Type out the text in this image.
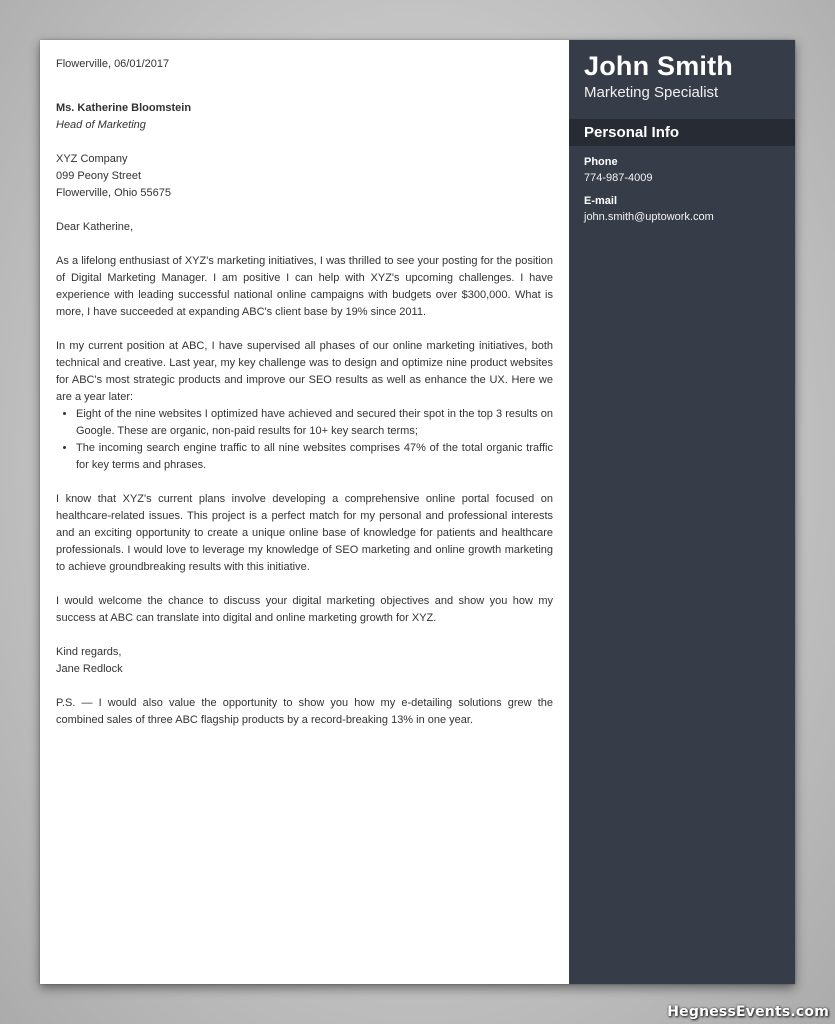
Flowerville, 06/01/2017

Ms. Katherine Bloomstein

Head of Marketing

XYZ Company
099 Peony Street
Flowerville, Ohio 55675

Dear Katherine,

As a lifelong enthusiast of XYZ's marketing initiatives, I was thrilled to see your posting for the position of Digital Marketing Manager. I am positive I can help with XYZ's upcoming challenges. I have experience with leading successful national online campaigns with budgets over $300,000. What is more, I have succeeded at expanding ABC's client base by 19% since 2011.

In my current position at ABC, I have supervised all phases of our online marketing initiatives, both technical and creative. Last year, my key challenge was to design and optimize nine product websites for ABC's most strategic products and improve our SEO results as well as enhance the UX. Here we are a year later:

• Eight of the nine websites I optimized have achieved and secured their spot in the top 3 results on Google. These are organic, non-paid results for 10+ key search terms;
• The incoming search engine traffic to all nine websites comprises 47% of the total organic traffic for key terms and phrases.

I know that XYZ's current plans involve developing a comprehensive online portal focused on healthcare-related issues. This project is a perfect match for my personal and professional interests and an exciting opportunity to create a unique online base of knowledge for patients and healthcare professionals. I would love to leverage my knowledge of SEO marketing and online growth marketing to achieve groundbreaking results with this initiative.

I would welcome the chance to discuss your digital marketing objectives and show you how my success at ABC can translate into digital and online marketing growth for XYZ.

Kind regards,
Jane Redlock

P.S. — I would also value the opportunity to show you how my e-detailing solutions grew the combined sales of three ABC flagship products by a record-breaking 13% in one year.

John Smith
Marketing Specialist
Personal Info
Phone
774-987-4009
E-mail
john.smith@uptowork.com
HegnessEvents.com
